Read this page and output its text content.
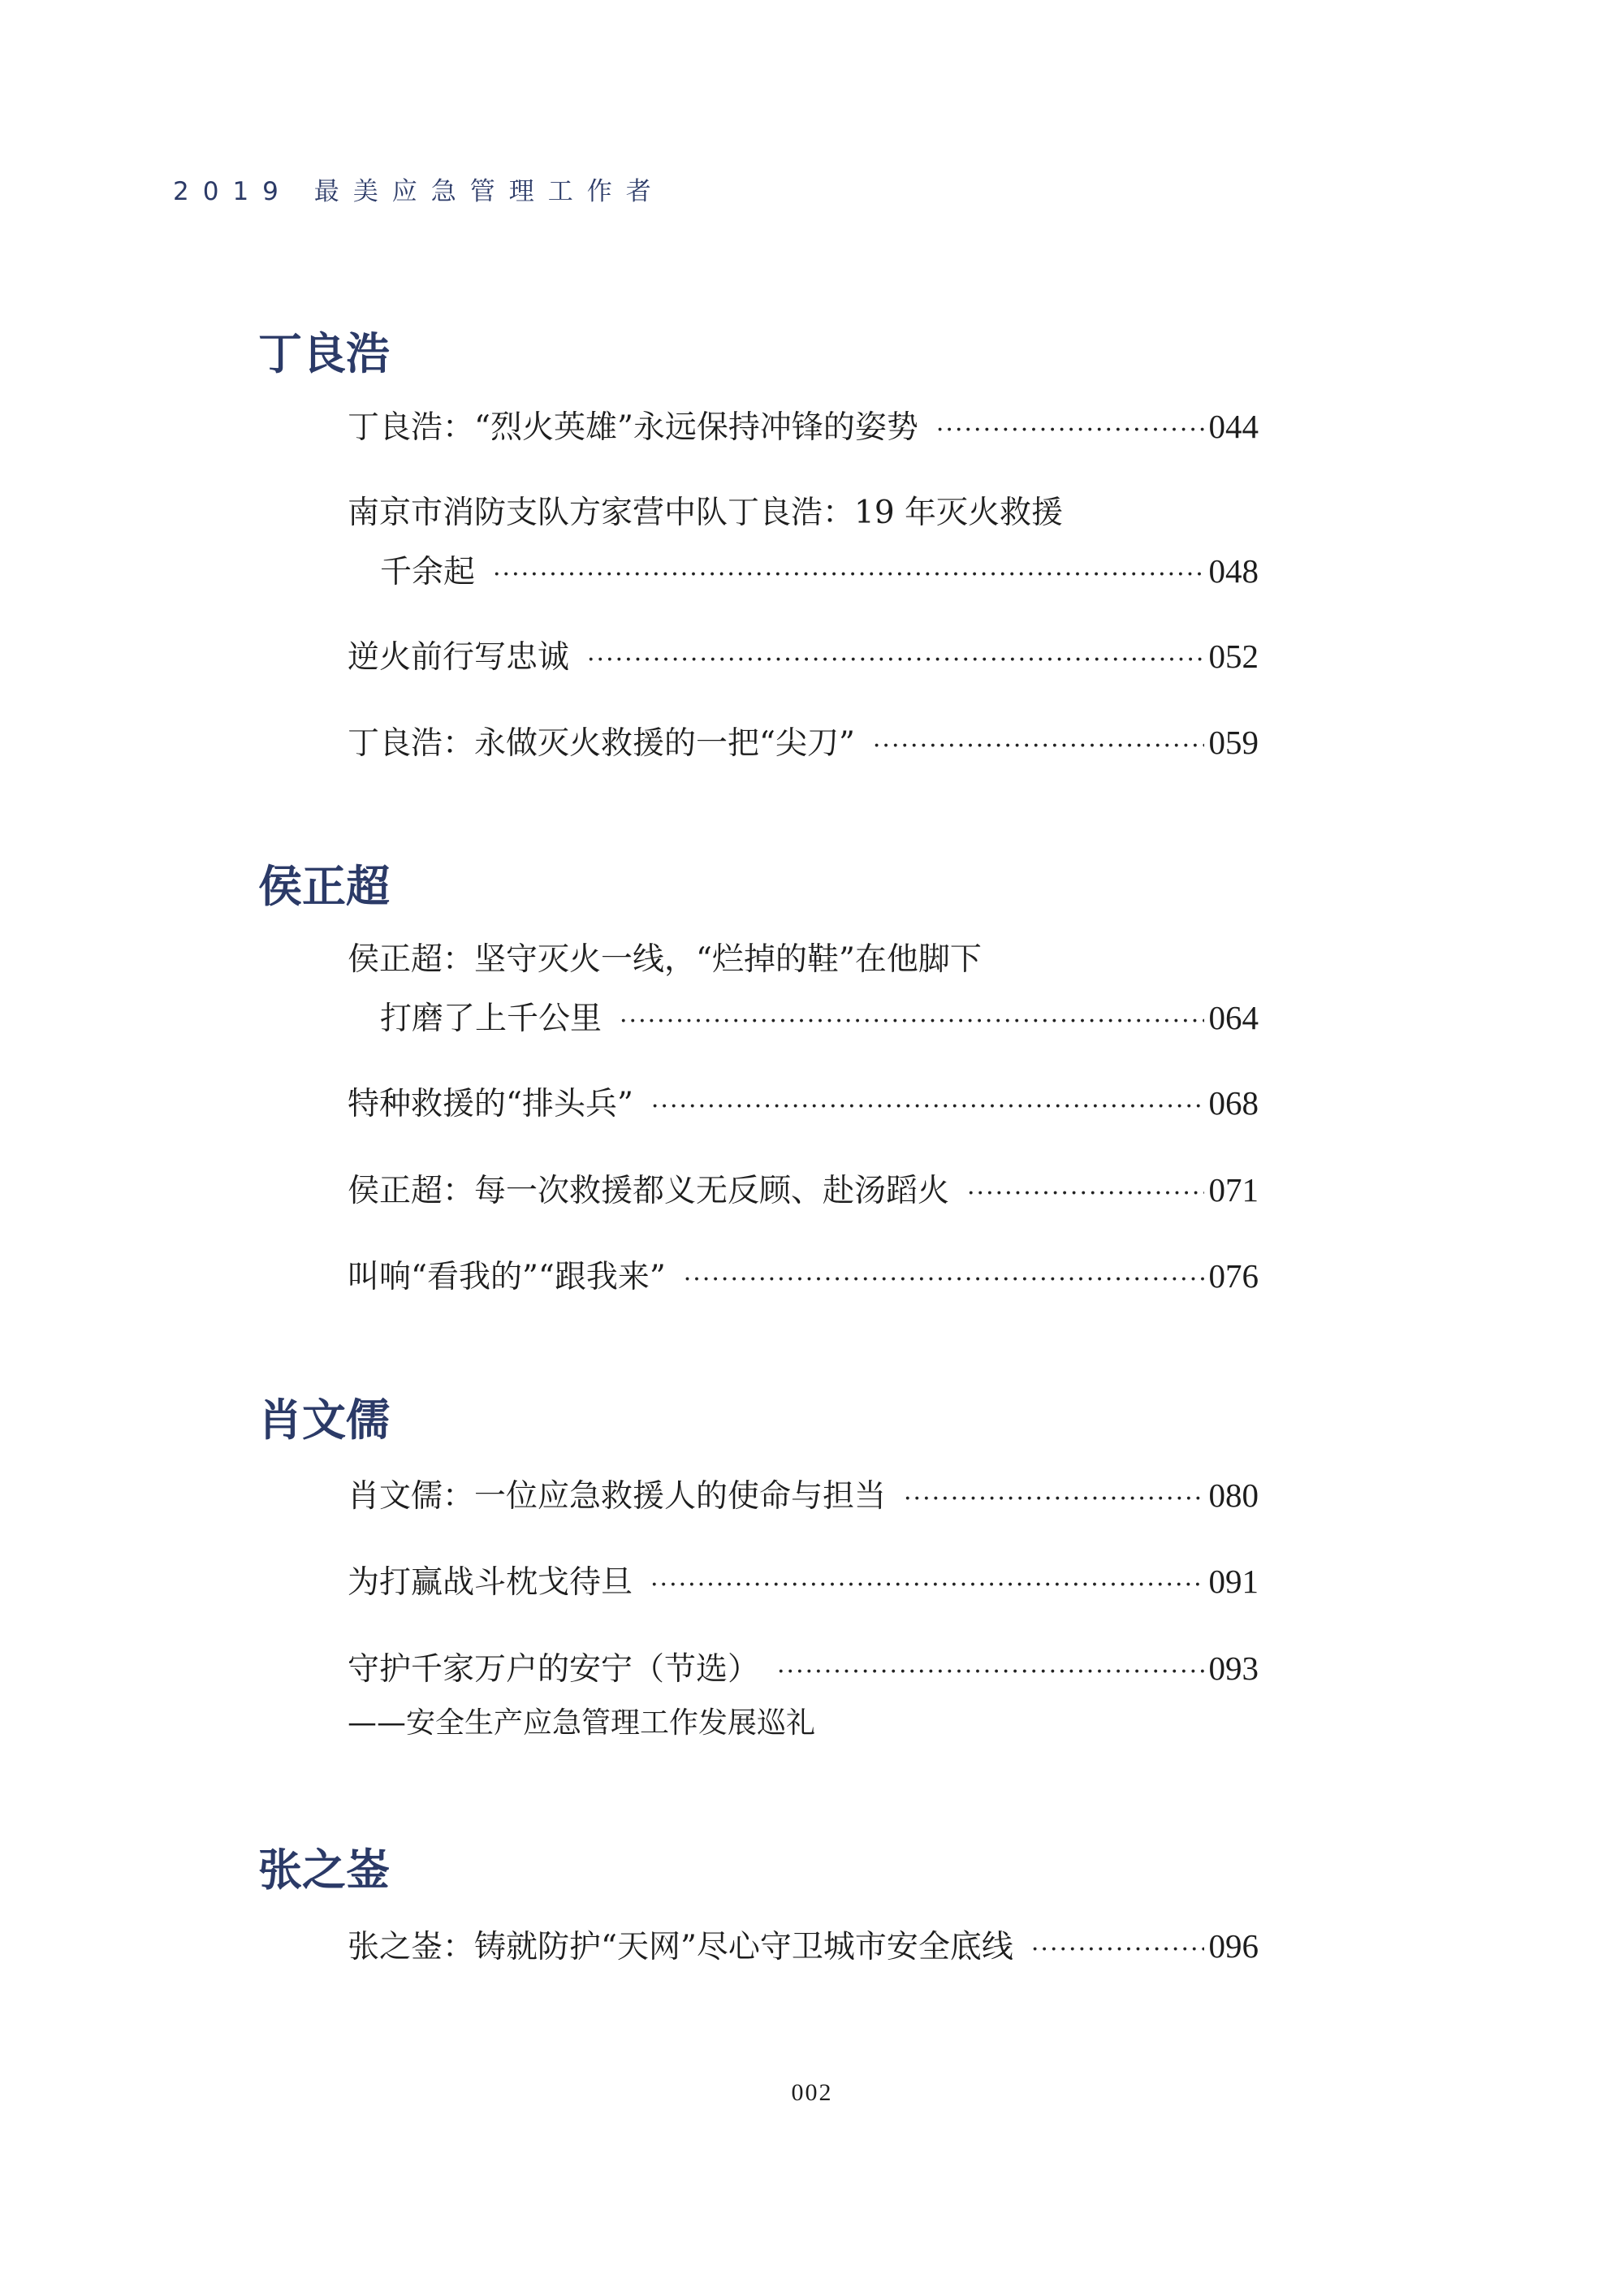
2019 最美应急管理工作者
丁良浩
丁良浩：“烈火英雄”永远保持冲锋的姿势 ·····	044
南京市消防支队方家营中队丁良浩：19 年灭火救援
千余起 ·····	048
逆火前行写忠诚 ·····	052
丁良浩：永做灭火救援的一把“尖刀” ·····	059
侯正超
侯正超：坚守灭火一线，“烂掉的鞋”在他脚下
打磨了上千公里 ·····	064
特种救援的“排头兵” ·····	068
侯正超：每一次救援都义无反顾、赴汤蹈火 ·····	071
叫响“看我的”“跟我来” ·····	076
肖文儒
肖文儒：一位应急救援人的使命与担当 ·····	080
为打赢战斗枕戈待旦 ·····	091
守护千家万户的安宁（节选） ·····	093
——安全生产应急管理工作发展巡礼
张之崟
张之崟：铸就防护“天网”尽心守卫城市安全底线 ·····	096
002
